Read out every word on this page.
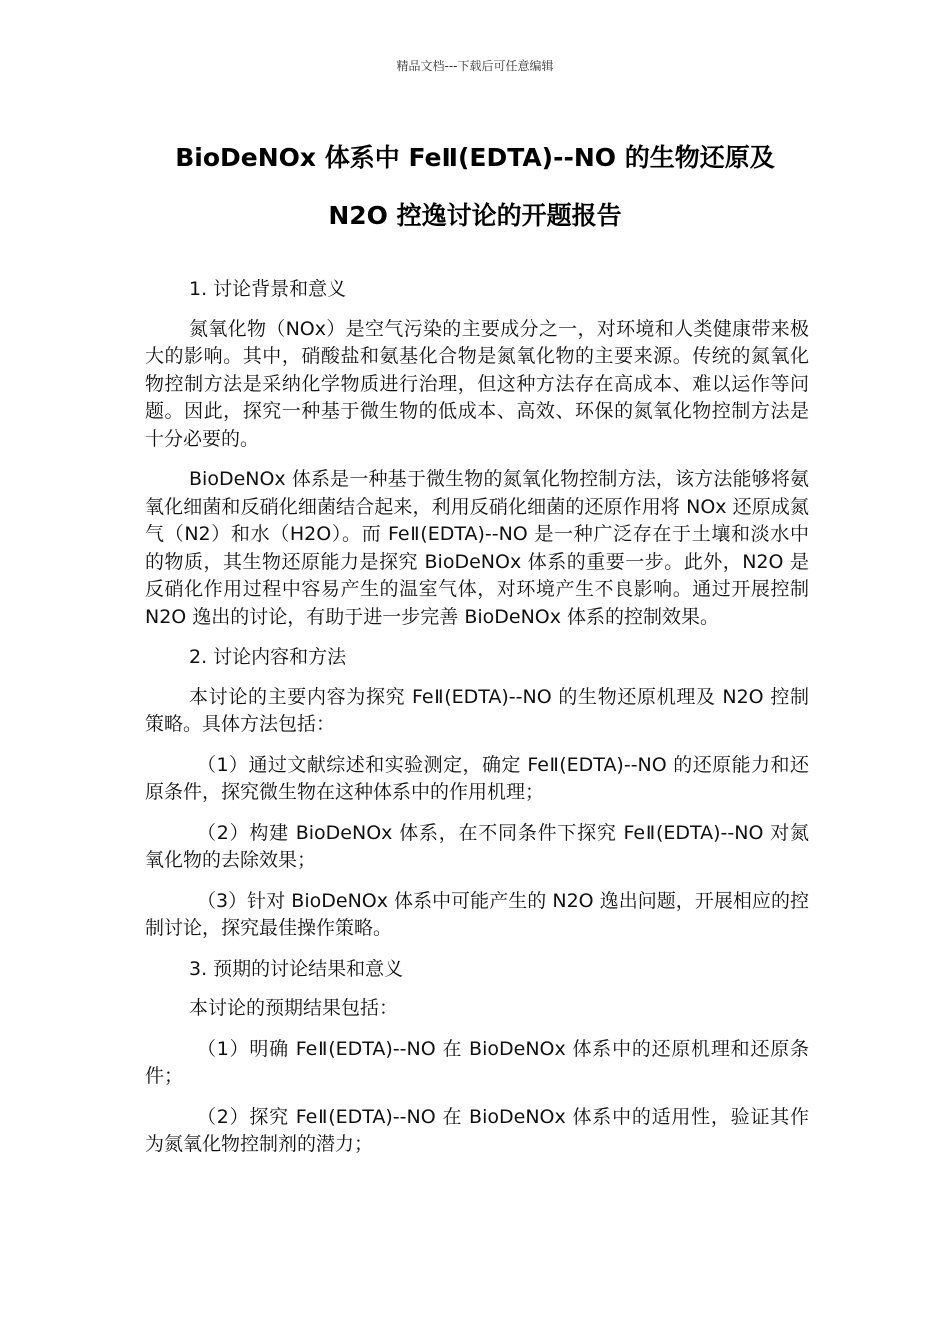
精品文档---下载后可任意编辑
BioDeNOx 体系中 FeⅡ(EDTA)--NO 的生物还原及
N2O 控逸讨论的开题报告

1. 讨论背景和意义

氮氧化物（NOx）是空气污染的主要成分之一，对环境和人类健康带来极大的影响。其中，硝酸盐和氨基化合物是氮氧化物的主要来源。传统的氮氧化物控制方法是采纳化学物质进行治理，但这种方法存在高成本、难以运作等问题。因此，探究一种基于微生物的低成本、高效、环保的氮氧化物控制方法是十分必要的。

BioDeNOx 体系是一种基于微生物的氮氧化物控制方法，该方法能够将氨氧化细菌和反硝化细菌结合起来，利用反硝化细菌的还原作用将 NOx 还原成氮气（N2）和水（H2O）。而 FeⅡ(EDTA)--NO 是一种广泛存在于土壤和淡水中的物质，其生物还原能力是探究 BioDeNOx 体系的重要一步。此外，N2O 是反硝化作用过程中容易产生的温室气体，对环境产生不良影响。通过开展控制 N2O 逸出的讨论，有助于进一步完善 BioDeNOx 体系的控制效果。

2. 讨论内容和方法

本讨论的主要内容为探究 FeⅡ(EDTA)--NO 的生物还原机理及 N2O 控制策略。具体方法包括：

（1）通过文献综述和实验测定，确定 FeⅡ(EDTA)--NO 的还原能力和还原条件，探究微生物在这种体系中的作用机理；

（2）构建 BioDeNOx 体系，在不同条件下探究 FeⅡ(EDTA)--NO 对氮氧化物的去除效果；

（3）针对 BioDeNOx 体系中可能产生的 N2O 逸出问题，开展相应的控制讨论，探究最佳操作策略。

3. 预期的讨论结果和意义

本讨论的预期结果包括：

（1）明确 FeⅡ(EDTA)--NO 在 BioDeNOx 体系中的还原机理和还原条件；

（2）探究 FeⅡ(EDTA)--NO 在 BioDeNOx 体系中的适用性，验证其作为氮氧化物控制剂的潜力；
